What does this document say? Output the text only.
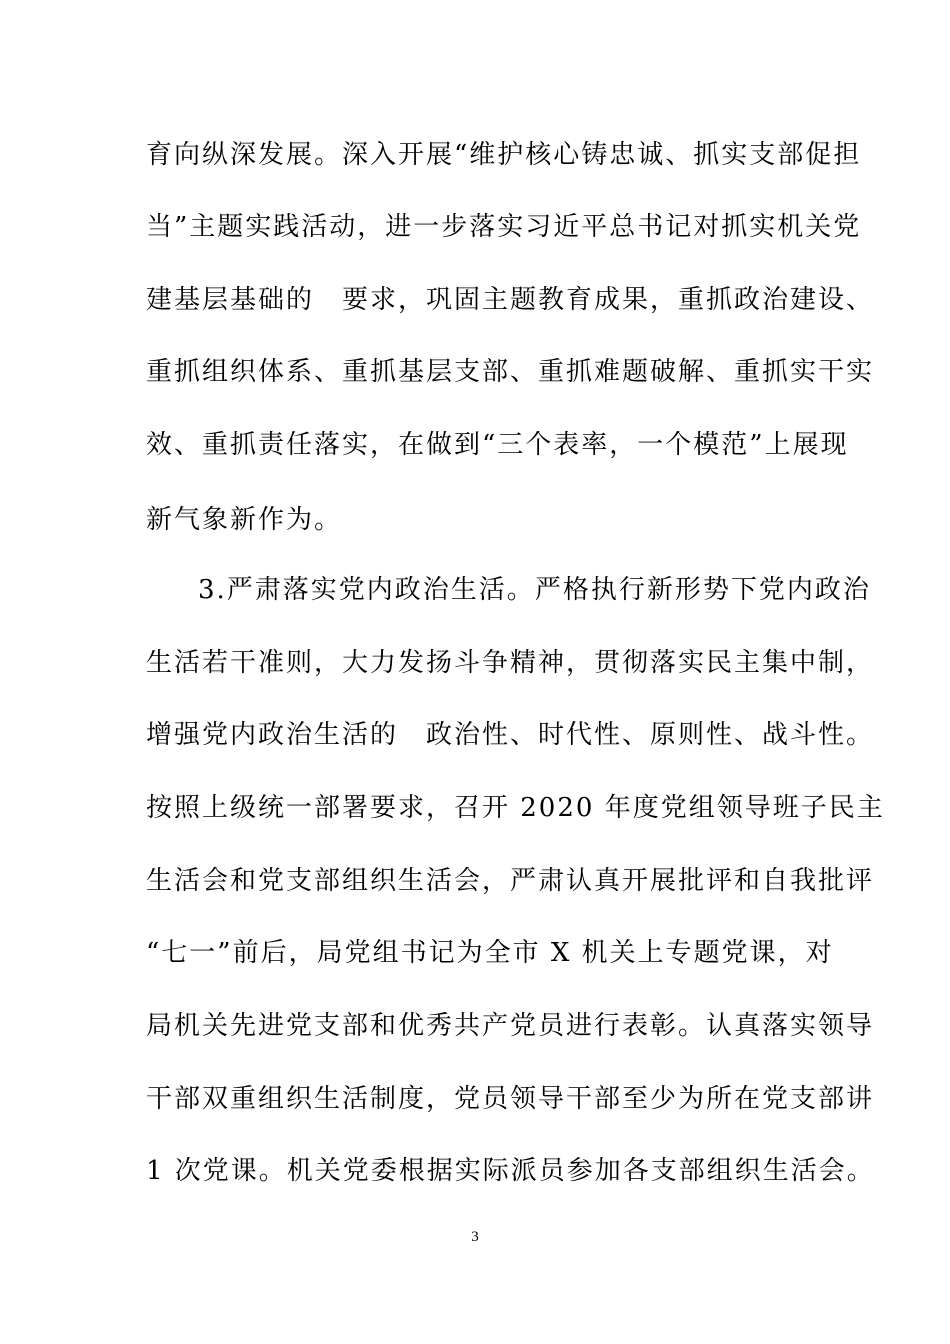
育向纵深发展。深入开展“维护核心铸忠诚、抓实支部促担
当”主题实践活动，进一步落实习近平总书记对抓实机关党
建基层基础的　要求，巩固主题教育成果，重抓政治建设、
重抓组织体系、重抓基层支部、重抓难题破解、重抓实干实
效、重抓责任落实，在做到“三个表率，一个模范”上展现
新气象新作为。
3.严肃落实党内政治生活。严格执行新形势下党内政治
生活若干准则，大力发扬斗争精神，贯彻落实民主集中制，
增强党内政治生活的　政治性、时代性、原则性、战斗性。
按照上级统一部署要求，召开 2020 年度党组领导班子民主
生活会和党支部组织生活会，严肃认真开展批评和自我批评
“七一”前后，局党组书记为全市 X 机关上专题党课，对
局机关先进党支部和优秀共产党员进行表彰。认真落实领导
干部双重组织生活制度，党员领导干部至少为所在党支部讲
1 次党课。机关党委根据实际派员参加各支部组织生活会。
3
